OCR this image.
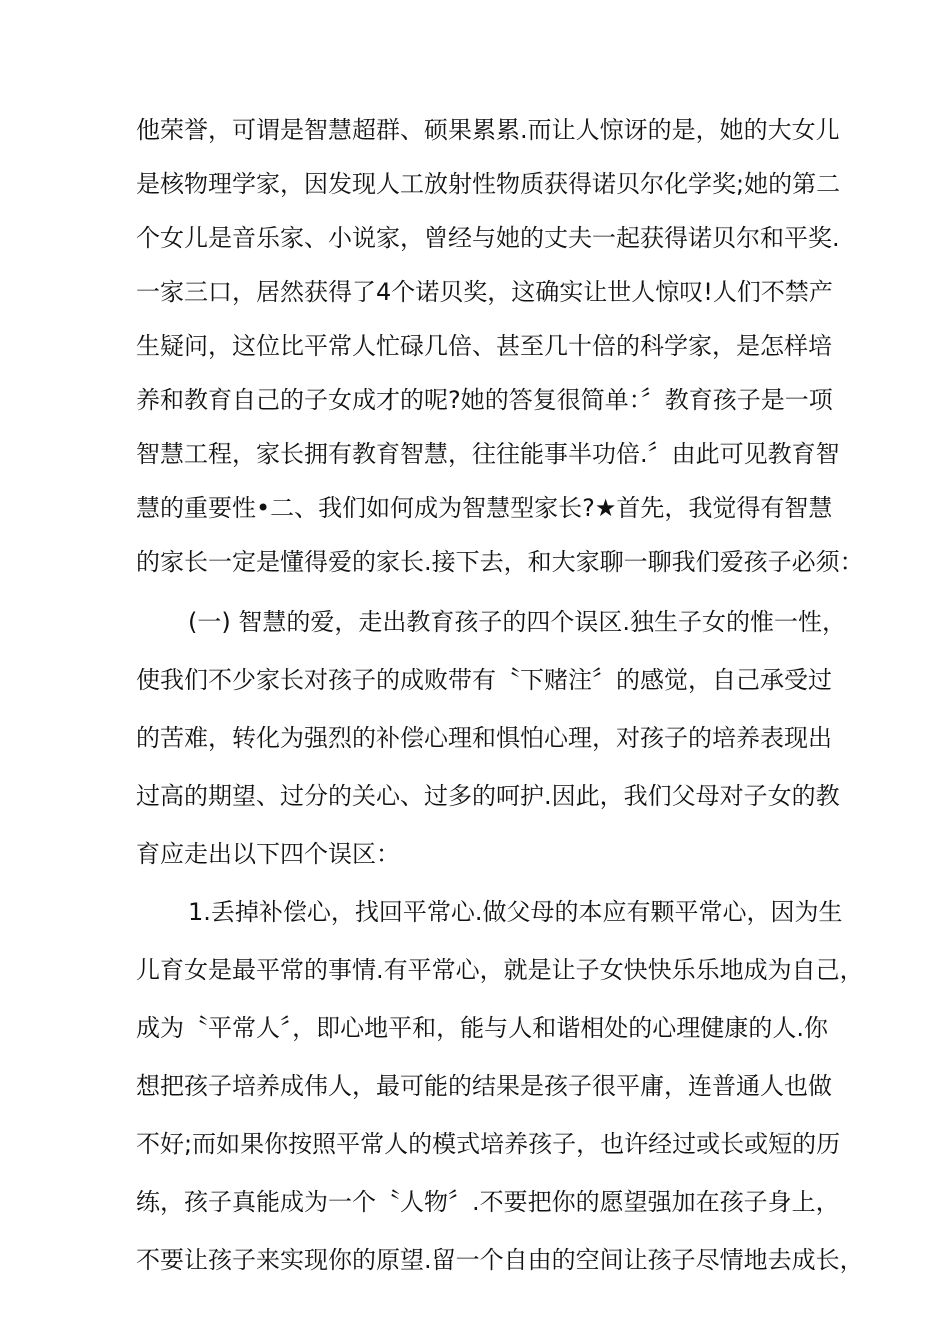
他荣誉，可谓是智慧超群、硕果累累.而让人惊讶的是，她的大女儿
是核物理学家，因发现人工放射性物质获得诺贝尔化学奖;她的第二
个女儿是音乐家、小说家，曾经与她的丈夫一起获得诺贝尔和平奖.
一家三口，居然获得了4个诺贝奖，这确实让世人惊叹!人们不禁产
生疑问，这位比平常人忙碌几倍、甚至几十倍的科学家，是怎样培
养和教育自己的子女成才的呢?她的答复很简单：〞教育孩子是一项
智慧工程，家长拥有教育智慧，往往能事半功倍.〞由此可见教育智
慧的重要性•二、我们如何成为智慧型家长?★首先，我觉得有智慧
的家长一定是懂得爱的家长.接下去，和大家聊一聊我们爱孩子必须：
(一) 智慧的爱，走出教育孩子的四个误区.独生子女的惟一性，
使我们不少家长对孩子的成败带有〝下赌注〞的感觉，自己承受过
的苦难，转化为强烈的补偿心理和惧怕心理，对孩子的培养表现出
过高的期望、过分的关心、过多的呵护.因此，我们父母对子女的教
育应走出以下四个误区：
1.丢掉补偿心，找回平常心.做父母的本应有颗平常心，因为生
儿育女是最平常的事情.有平常心，就是让子女快快乐乐地成为自己，
成为〝平常人〞，即心地平和，能与人和谐相处的心理健康的人.你
想把孩子培养成伟人，最可能的结果是孩子很平庸，连普通人也做
不好;而如果你按照平常人的模式培养孩子，也许经过或长或短的历
练，孩子真能成为一个〝人物〞.不要把你的愿望强加在孩子身上，
不要让孩子来实现你的原望.留一个自由的空间让孩子尽情地去成长，
